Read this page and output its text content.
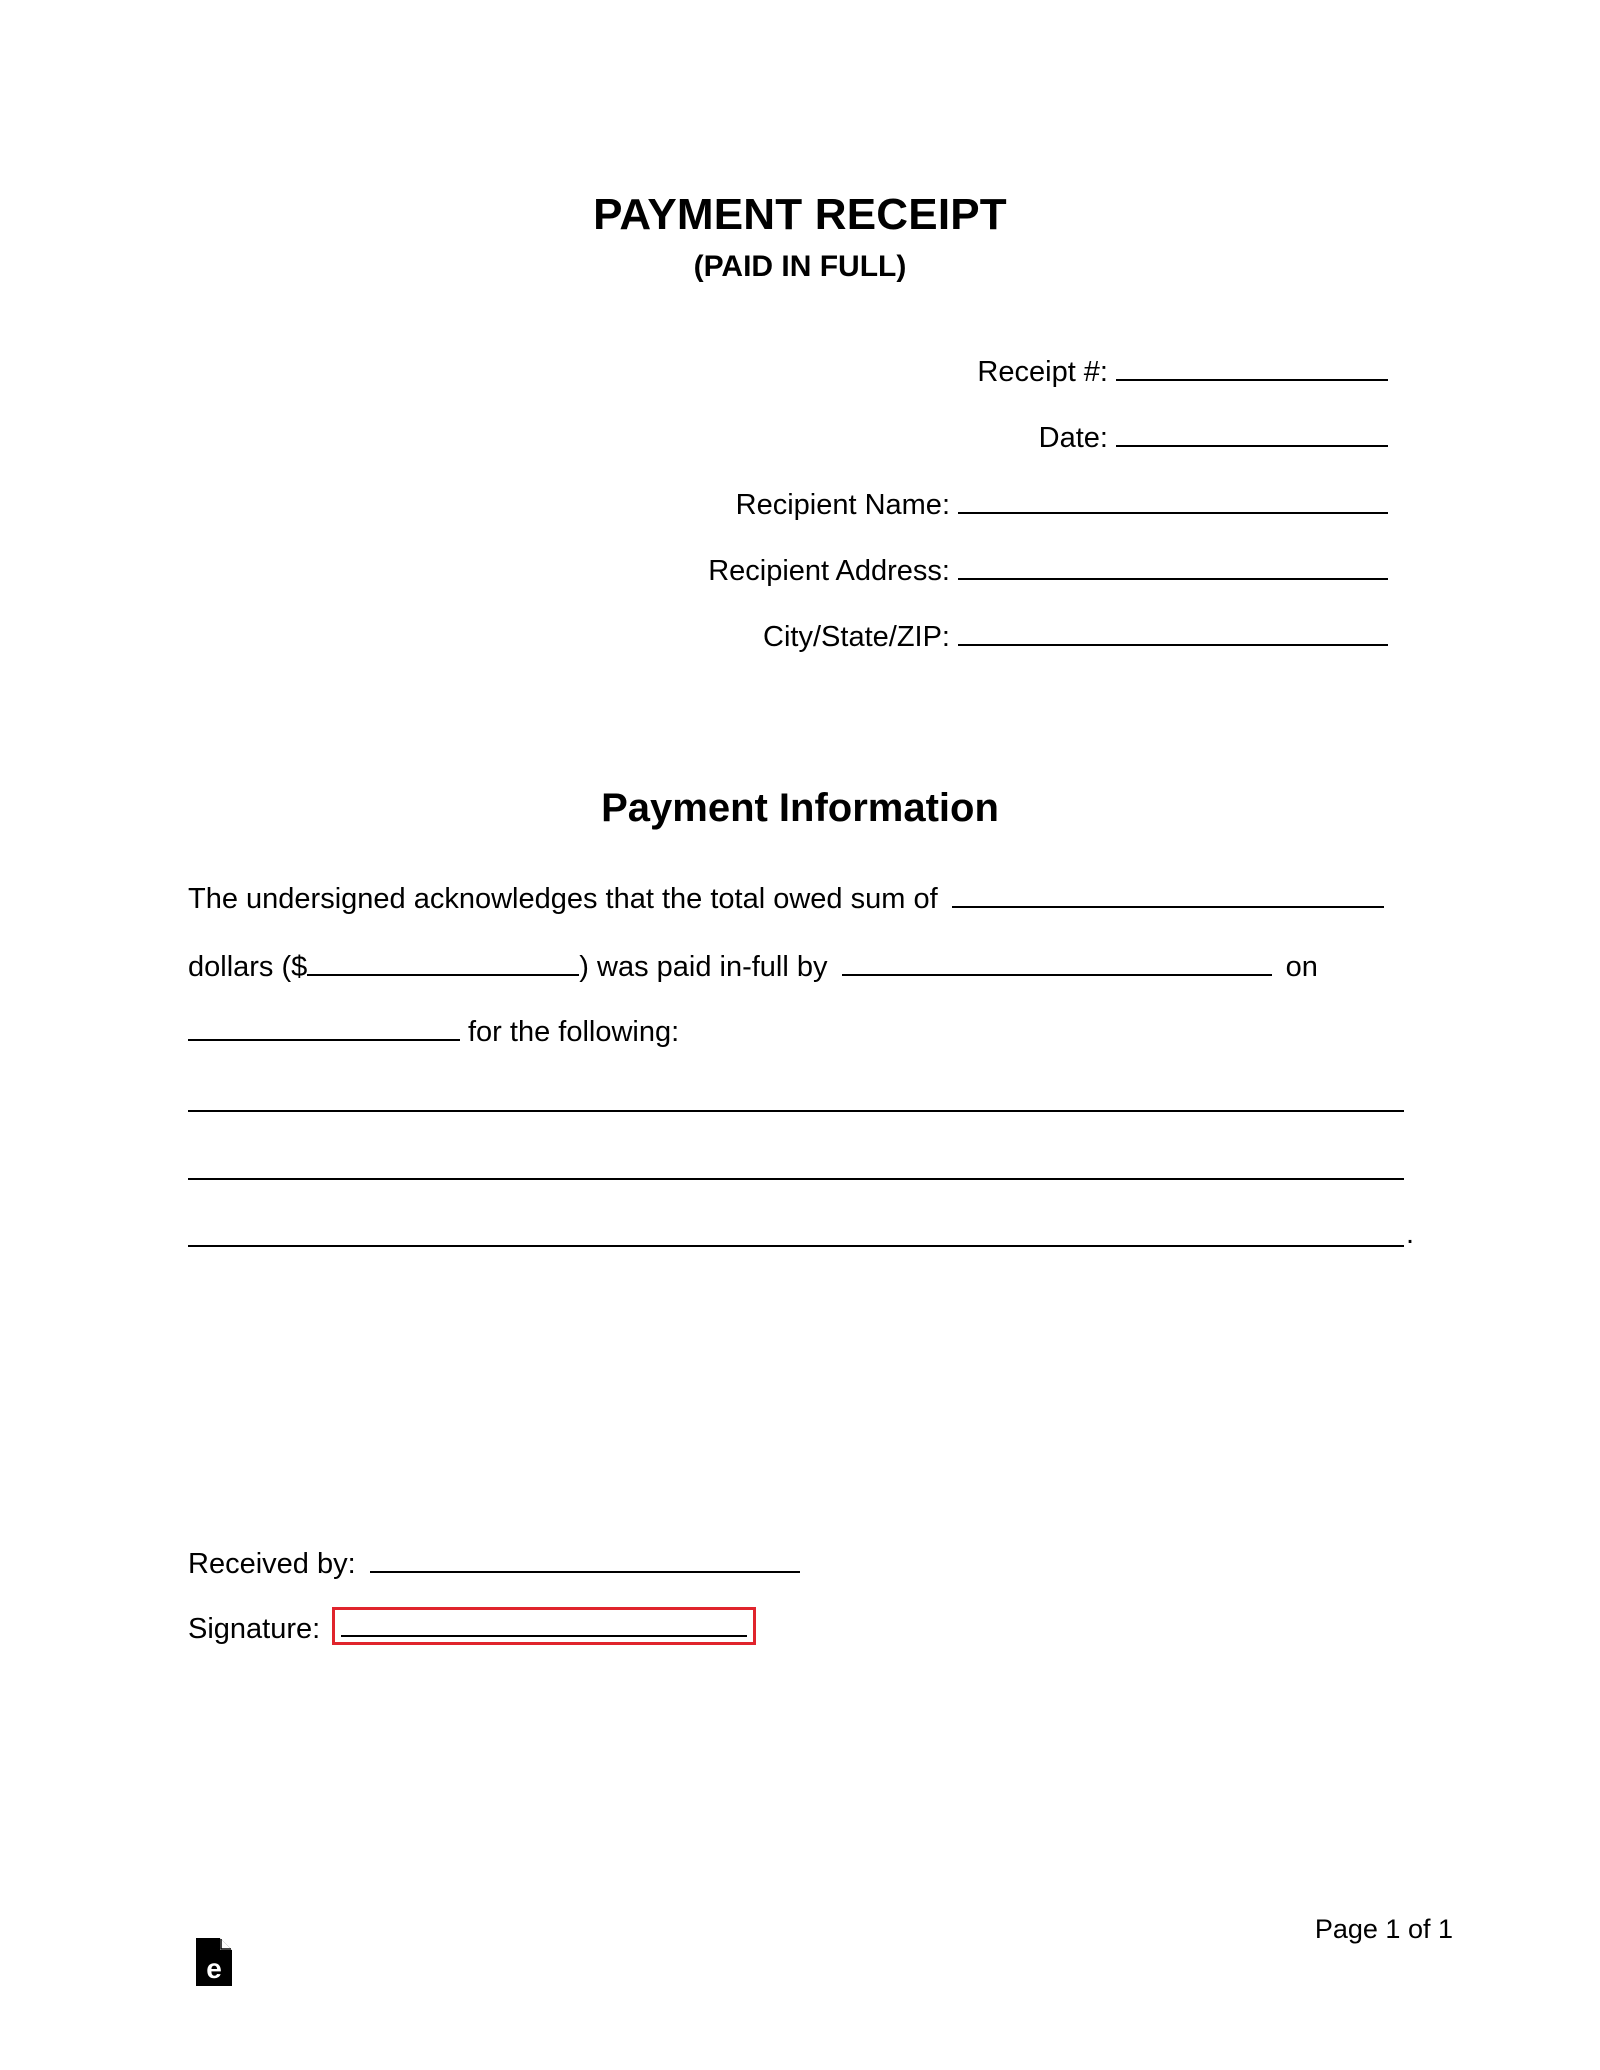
PAYMENT RECEIPT
(PAID IN FULL)
Receipt #:
Date:
Recipient Name:
Recipient Address:
City/State/ZIP:
Payment Information
The undersigned acknowledges that the total owed sum of
dollars ($	) was paid in-full by	on
for the following:
.
Received by:
Signature:
Page 1 of 1
e
